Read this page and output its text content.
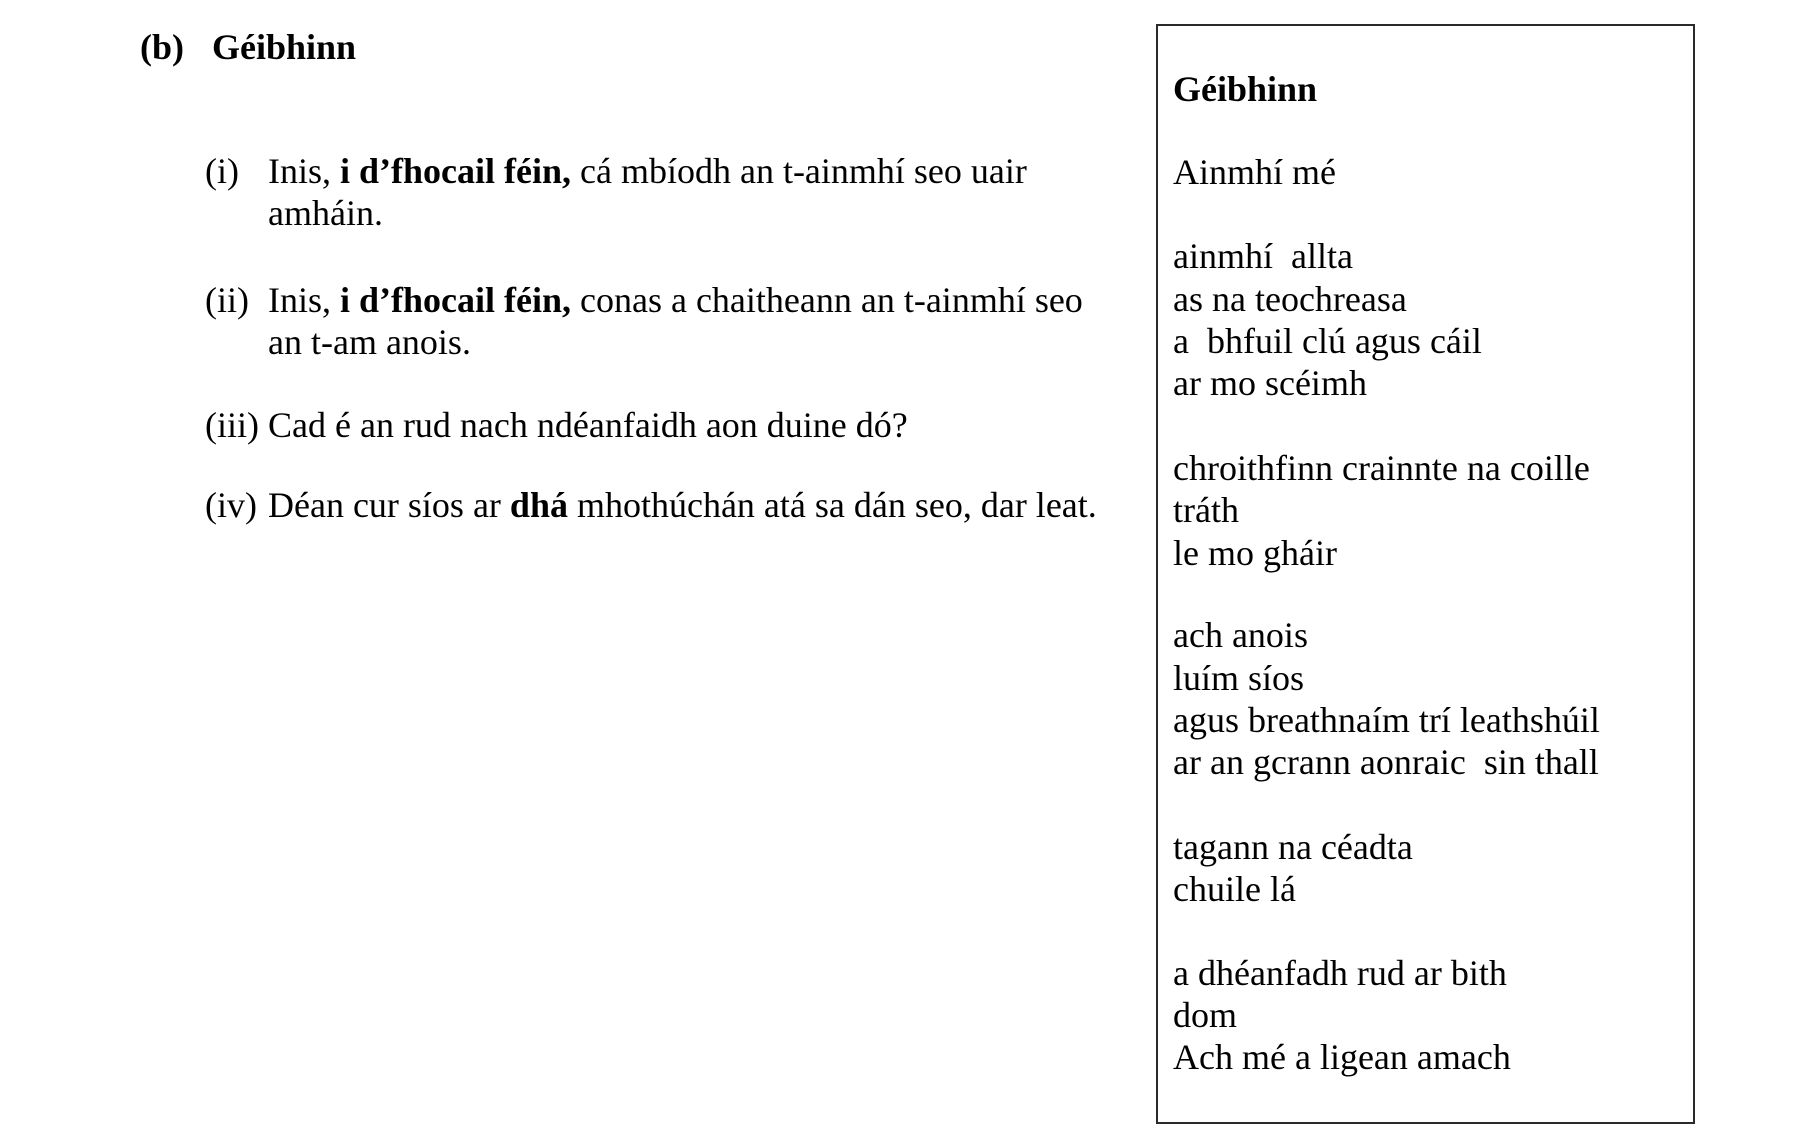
(b) Géibhinn
(i) Inis, i d’fhocail féin, cá mbíodh an t-ainmhí seo uair
amháin.
(ii) Inis, i d’fhocail féin, conas a chaitheann an t-ainmhí seo
an t-am anois.
(iii) Cad é an rud nach ndéanfaidh aon duine dó?
(iv) Déan cur síos ar dhá mhothúchán atá sa dán seo, dar leat.
Géibhinn
Ainmhí mé
ainmhí  allta
as na teochreasa
a  bhfuil clú agus cáil
ar mo scéimh
chroithfinn crainnte na coille
tráth
le mo gháir
ach anois
luím síos
agus breathnaím trí leathshúil
ar an gcrann aonraic  sin thall
tagann na céadta
chuile lá
a dhéanfadh rud ar bith
dom
Ach mé a ligean amach
